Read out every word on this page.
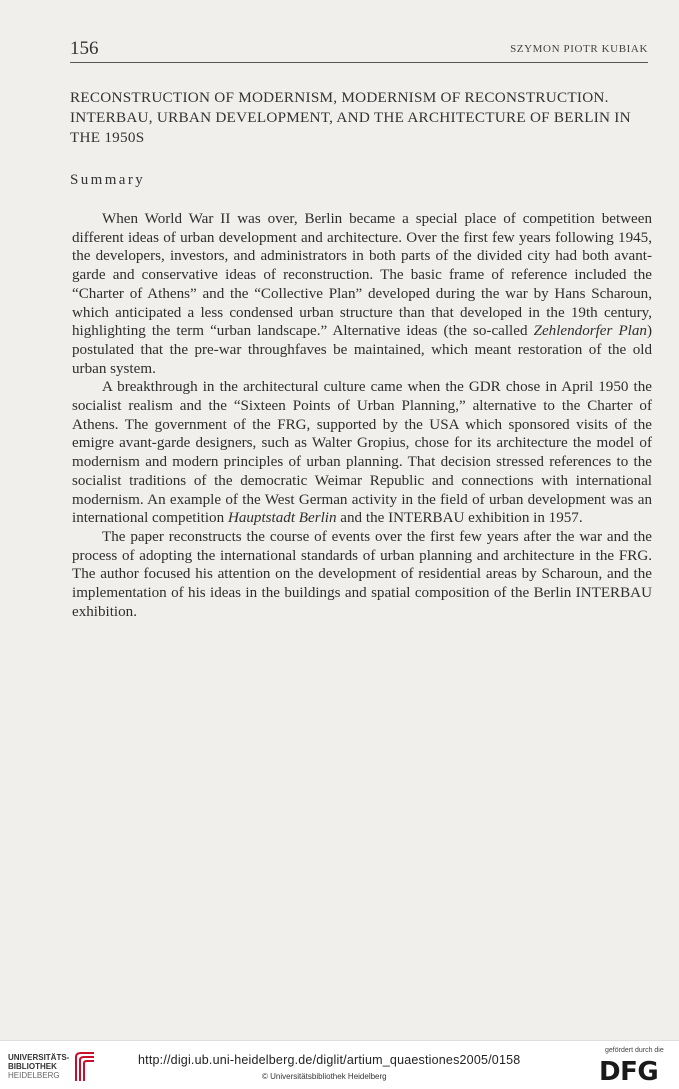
156	SZYMON PIOTR KUBIAK
RECONSTRUCTION OF MODERNISM, MODERNISM OF RECONSTRUCTION. INTERBAU, URBAN DEVELOPMENT, AND THE ARCHITECTURE OF BERLIN IN THE 1950S
Summary

When World War II was over, Berlin became a special place of competition between different ideas of urban development and architecture. Over the first few years following 1945, the developers, investors, and administrators in both parts of the divided city had both avant-garde and conservative ideas of reconstruction. The basic frame of reference included the “Charter of Athens” and the “Collective Plan” developed during the war by Hans Scharoun, which anticipated a less condensed urban structure than that developed in the 19th century, highlighting the term “urban landscape.” Alternative ideas (the so-called Zehlendorfer Plan) postulated that the pre-war throughfaves be maintained, which meant restoration of the old urban system.

A breakthrough in the architectural culture came when the GDR chose in April 1950 the socialist realism and the “Sixteen Points of Urban Planning,” alternative to the Charter of Athens. The government of the FRG, supported by the USA which sponsored visits of the emigre avant-garde designers, such as Walter Gropius, chose for its architecture the model of modernism and modern principles of urban planning. That decision stressed references to the socialist traditions of the democratic Weimar Republic and connections with international modernism. An example of the West German activity in the field of urban development was an international competition Hauptstadt Berlin and the INTERBAU exhibition in 1957.

The paper reconstructs the course of events over the first few years after the war and the process of adopting the international standards of urban planning and architecture in the FRG. The author focused his attention on the development of residential areas by Scharoun, and the implementation of his ideas in the buildings and spatial composition of the Berlin INTERBAU exhibition.

UNIVERSITÄTS-
BIBLIOTHEK
HEIDELBERG
http://digi.ub.uni-heidelberg.de/diglit/artium_quaestiones2005/0158
© Universitätsbibliothek Heidelberg
gefördert durch die
DFG
